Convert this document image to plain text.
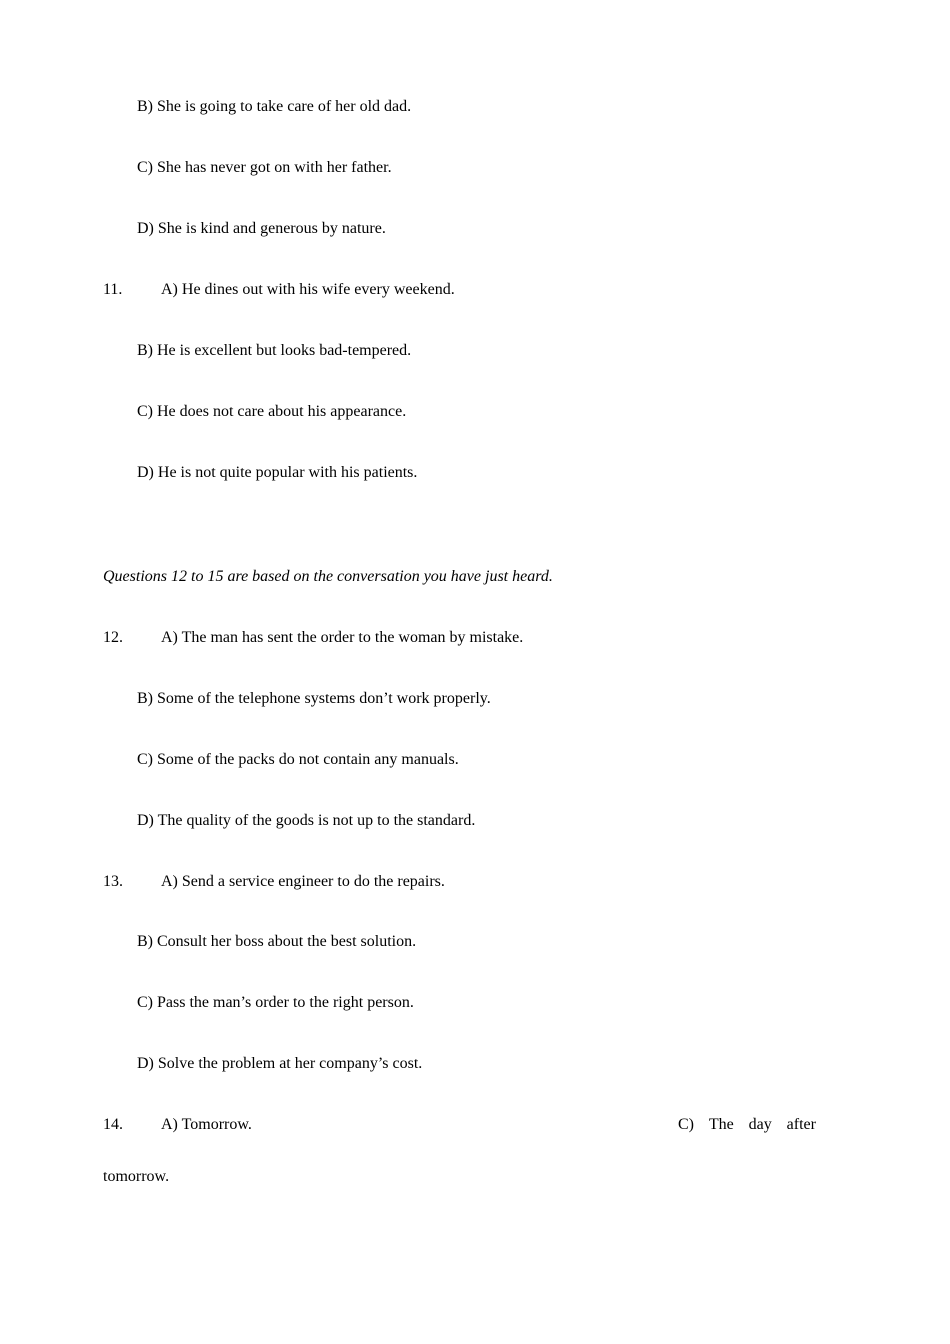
B) She is going to take care of her old dad.
C) She has never got on with her father.
D) She is kind and generous by nature.
11. A) He dines out with his wife every weekend.
B) He is excellent but looks bad-tempered.
C) He does not care about his appearance.
D) He is not quite popular with his patients.
Questions 12 to 15 are based on the conversation you have just heard.
12. A) The man has sent the order to the woman by mistake.
B) Some of the telephone systems don’t work properly.
C) Some of the packs do not contain any manuals.
D) The quality of the goods is not up to the standard.
13. A) Send a service engineer to do the repairs.
B) Consult her boss about the best solution.
C) Pass the man’s order to the right person.
D) Solve the problem at her company’s cost.
14. A) Tomorrow.	C) The day after
tomorrow.
